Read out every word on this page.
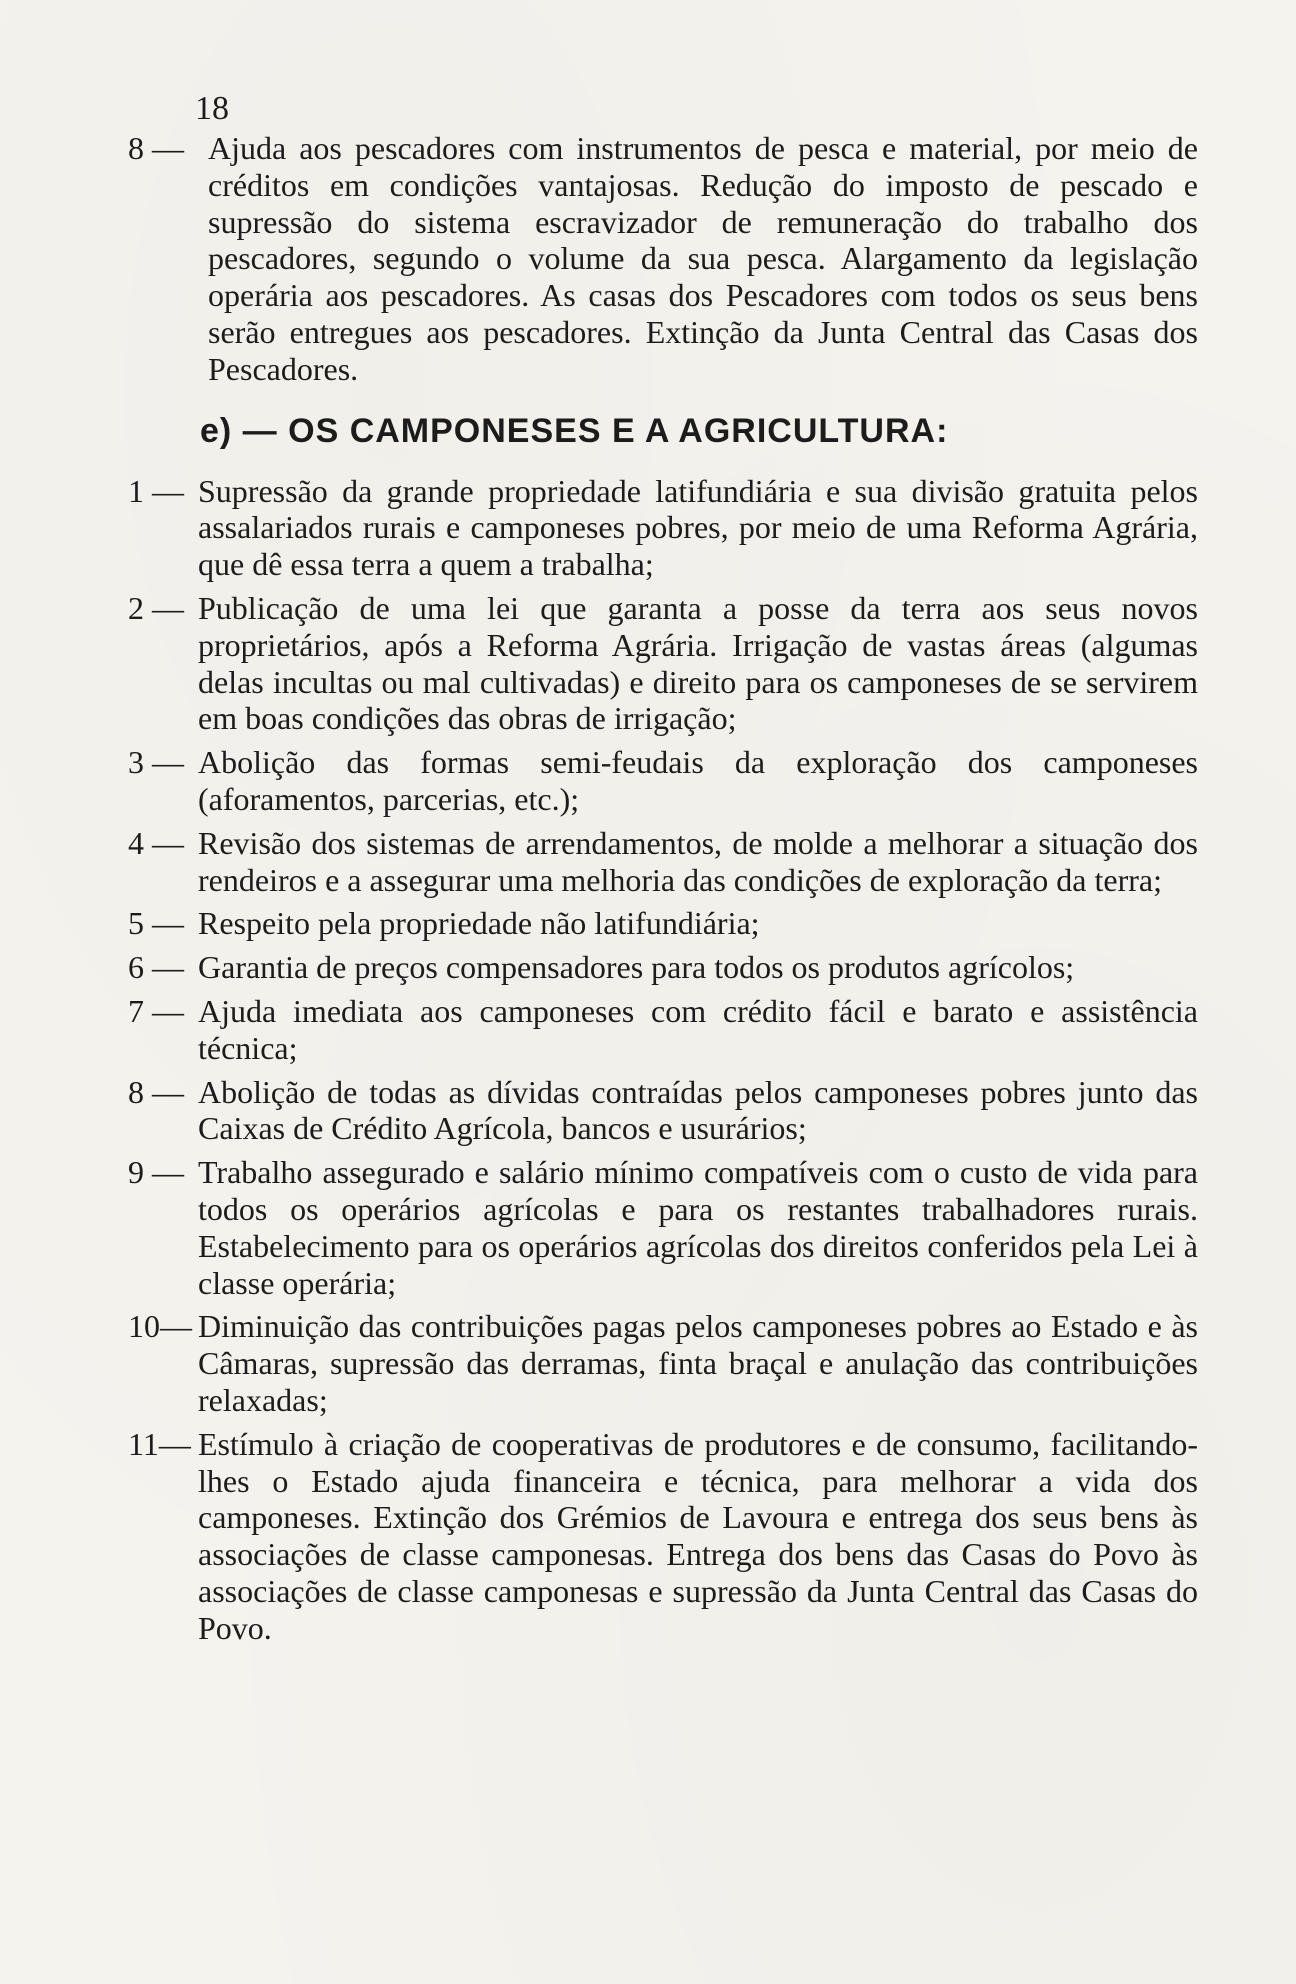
18
8 — Ajuda aos pescadores com instrumentos de pesca e material, por meio de créditos em condições vantajosas. Redução do imposto de pescado e supressão do sistema escravizador de remuneração do trabalho dos pescadores, segundo o volume da sua pesca. Alargamento da legislação operária aos pescadores. As casas dos Pescadores com todos os seus bens serão entregues aos pescadores. Extinção da Junta Central das Casas dos Pescadores.
e) — OS CAMPONESES E A AGRICULTURA:
1 — Supressão da grande propriedade latifundiária e sua divisão gratuita pelos assalariados rurais e camponeses pobres, por meio de uma Reforma Agrária, que dê essa terra a quem a trabalha;
2 — Publicação de uma lei que garanta a posse da terra aos seus novos proprietários, após a Reforma Agrária. Irrigação de vastas áreas (algumas delas incultas ou mal cultivadas) e direito para os camponeses de se servirem em boas condições das obras de irrigação;
3 — Abolição das formas semi-feudais da exploração dos camponeses (aforamentos, parcerias, etc.);
4 — Revisão dos sistemas de arrendamentos, de molde a melhorar a situação dos rendeiros e a assegurar uma melhoria das condições de exploração da terra;
5 — Respeito pela propriedade não latifundiária;
6 — Garantia de preços compensadores para todos os produtos agrícolos;
7 — Ajuda imediata aos camponeses com crédito fácil e barato e assistência técnica;
8 — Abolição de todas as dívidas contraídas pelos camponeses pobres junto das Caixas de Crédito Agrícola, bancos e usurários;
9 — Trabalho assegurado e salário mínimo compatíveis com o custo de vida para todos os operários agrícolas e para os restantes trabalhadores rurais. Estabelecimento para os operários agrícolas dos direitos conferidos pela Lei à classe operária;
10— Diminuição das contribuições pagas pelos camponeses pobres ao Estado e às Câmaras, supressão das derramas, finta braçal e anulação das contribuições relaxadas;
11— Estímulo à criação de cooperativas de produtores e de consumo, facilitando-lhes o Estado ajuda financeira e técnica, para melhorar a vida dos camponeses. Extinção dos Grémios de Lavoura e entrega dos seus bens às associações de classe camponesas. Entrega dos bens das Casas do Povo às associações de classe camponesas e supressão da Junta Central das Casas do Povo.
